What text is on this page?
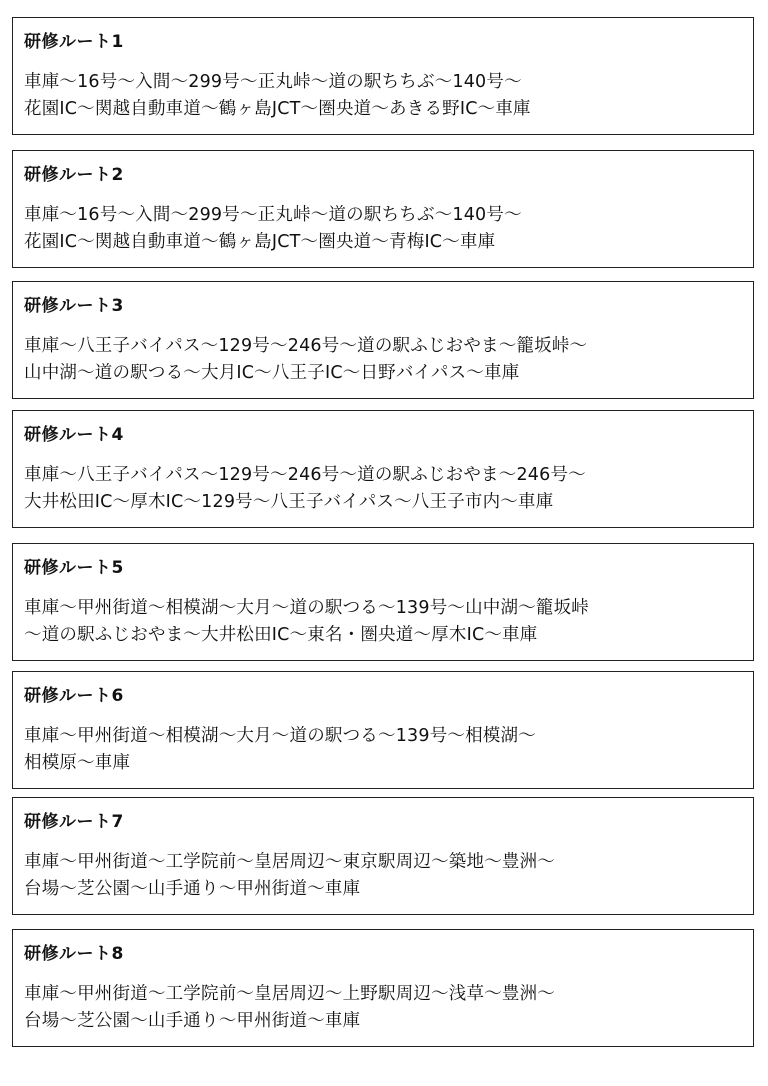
研修ルート1
車庫〜16号〜入間〜299号〜正丸峠〜道の駅ちちぶ〜140号〜
花園IC〜関越自動車道〜鶴ヶ島JCT〜圏央道〜あきる野IC〜車庫
研修ルート2
車庫〜16号〜入間〜299号〜正丸峠〜道の駅ちちぶ〜140号〜
花園IC〜関越自動車道〜鶴ヶ島JCT〜圏央道〜青梅IC〜車庫
研修ルート3
車庫〜八王子バイパス〜129号〜246号〜道の駅ふじおやま〜籠坂峠〜
山中湖〜道の駅つる〜大月IC〜八王子IC〜日野バイパス〜車庫
研修ルート4
車庫〜八王子バイパス〜129号〜246号〜道の駅ふじおやま〜246号〜
大井松田IC〜厚木IC〜129号〜八王子バイパス〜八王子市内〜車庫
研修ルート5
車庫〜甲州街道〜相模湖〜大月〜道の駅つる〜139号〜山中湖〜籠坂峠
〜道の駅ふじおやま〜大井松田IC〜東名・圏央道〜厚木IC〜車庫
研修ルート6
車庫〜甲州街道〜相模湖〜大月〜道の駅つる〜139号〜相模湖〜
相模原〜車庫
研修ルート7
車庫〜甲州街道〜工学院前〜皇居周辺〜東京駅周辺〜築地〜豊洲〜
台場〜芝公園〜山手通り〜甲州街道〜車庫
研修ルート8
車庫〜甲州街道〜工学院前〜皇居周辺〜上野駅周辺〜浅草〜豊洲〜
台場〜芝公園〜山手通り〜甲州街道〜車庫
